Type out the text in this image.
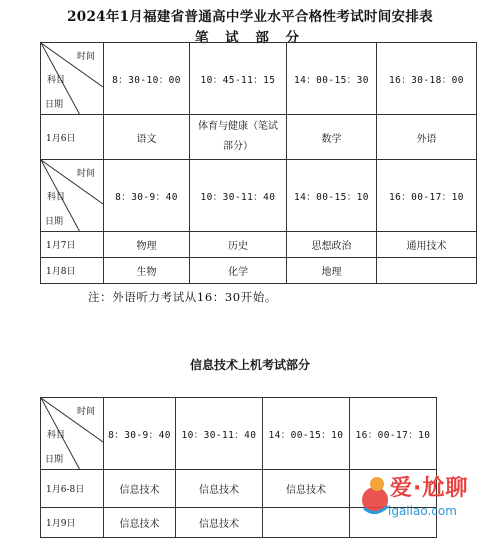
2024年1月福建省普通高中学业水平合格性考试时间安排表
笔 试 部 分
时间
科目
日期	8：30-10：00	10：45-11：15	14：00-15：30	16：30-18：00
1月6日	语文	体育与健康（笔试部分）	数学	外语

时间
科目
日期	8：30-9：40	10：30-11：40	14：00-15：10	16：00-17：10
1月7日	物理	历史	思想政治	通用技术
1月8日	生物	化学	地理	
注：外语听力考试从16：30开始。
信息技术上机考试部分
时间
科目
日期	8：30-9：40	10：30-11：40	14：00-15：10	16：00-17：10
1月6-8日	信息技术	信息技术	信息技术	
1月9日	信息技术	信息技术		
爱·尬聊
igaliao.com
